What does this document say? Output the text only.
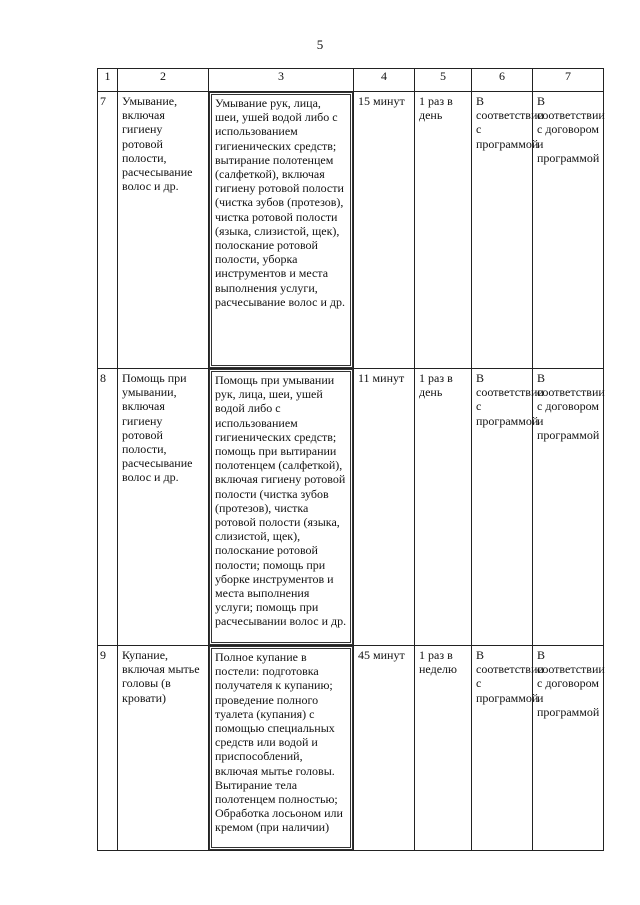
5
1	2	3	4	5	6	7

7	Умывание, включая гигиену ротовой полости, расчесывание волос и др.	Умывание рук, лица, шеи, ушей водой либо с использованием гигиенических средств; вытирание полотенцем (салфеткой), включая гигиену ротовой полости (чистка зубов (протезов), чистка ротовой полости (языка, слизистой, щек), полоскание ротовой полости, уборка инструментов и места выполнения услуги, расчесывание волос и др.	15 минут	1 раз в день	В соответствии с программой	В соответствии с договором и программой

8	Помощь при умывании, включая гигиену ротовой полости, расчесывание волос и др.	Помощь при умывании рук, лица, шеи, ушей водой либо с использованием гигиенических средств; помощь при вытирании полотенцем (салфеткой), включая гигиену ротовой полости (чистка зубов (протезов), чистка ротовой полости (языка, слизистой, щек), полоскание ротовой полости; помощь при уборке инструментов и места выполнения услуги; помощь при расчесывании волос и др.	11 минут	1 раз в день	В соответствии с программой	В соответствии с договором и программой

9	Купание, включая мытье головы (в кровати)	Полное купание в постели: подготовка получателя к купанию; проведение полного туалета (купания) с помощью специальных средств или водой и приспособлений, включая мытье головы. Вытирание тела полотенцем полностью; Обработка лосьоном или кремом (при наличии)	45 минут	1 раз в неделю	В соответствии с программой	В соответствии с договором и программой
